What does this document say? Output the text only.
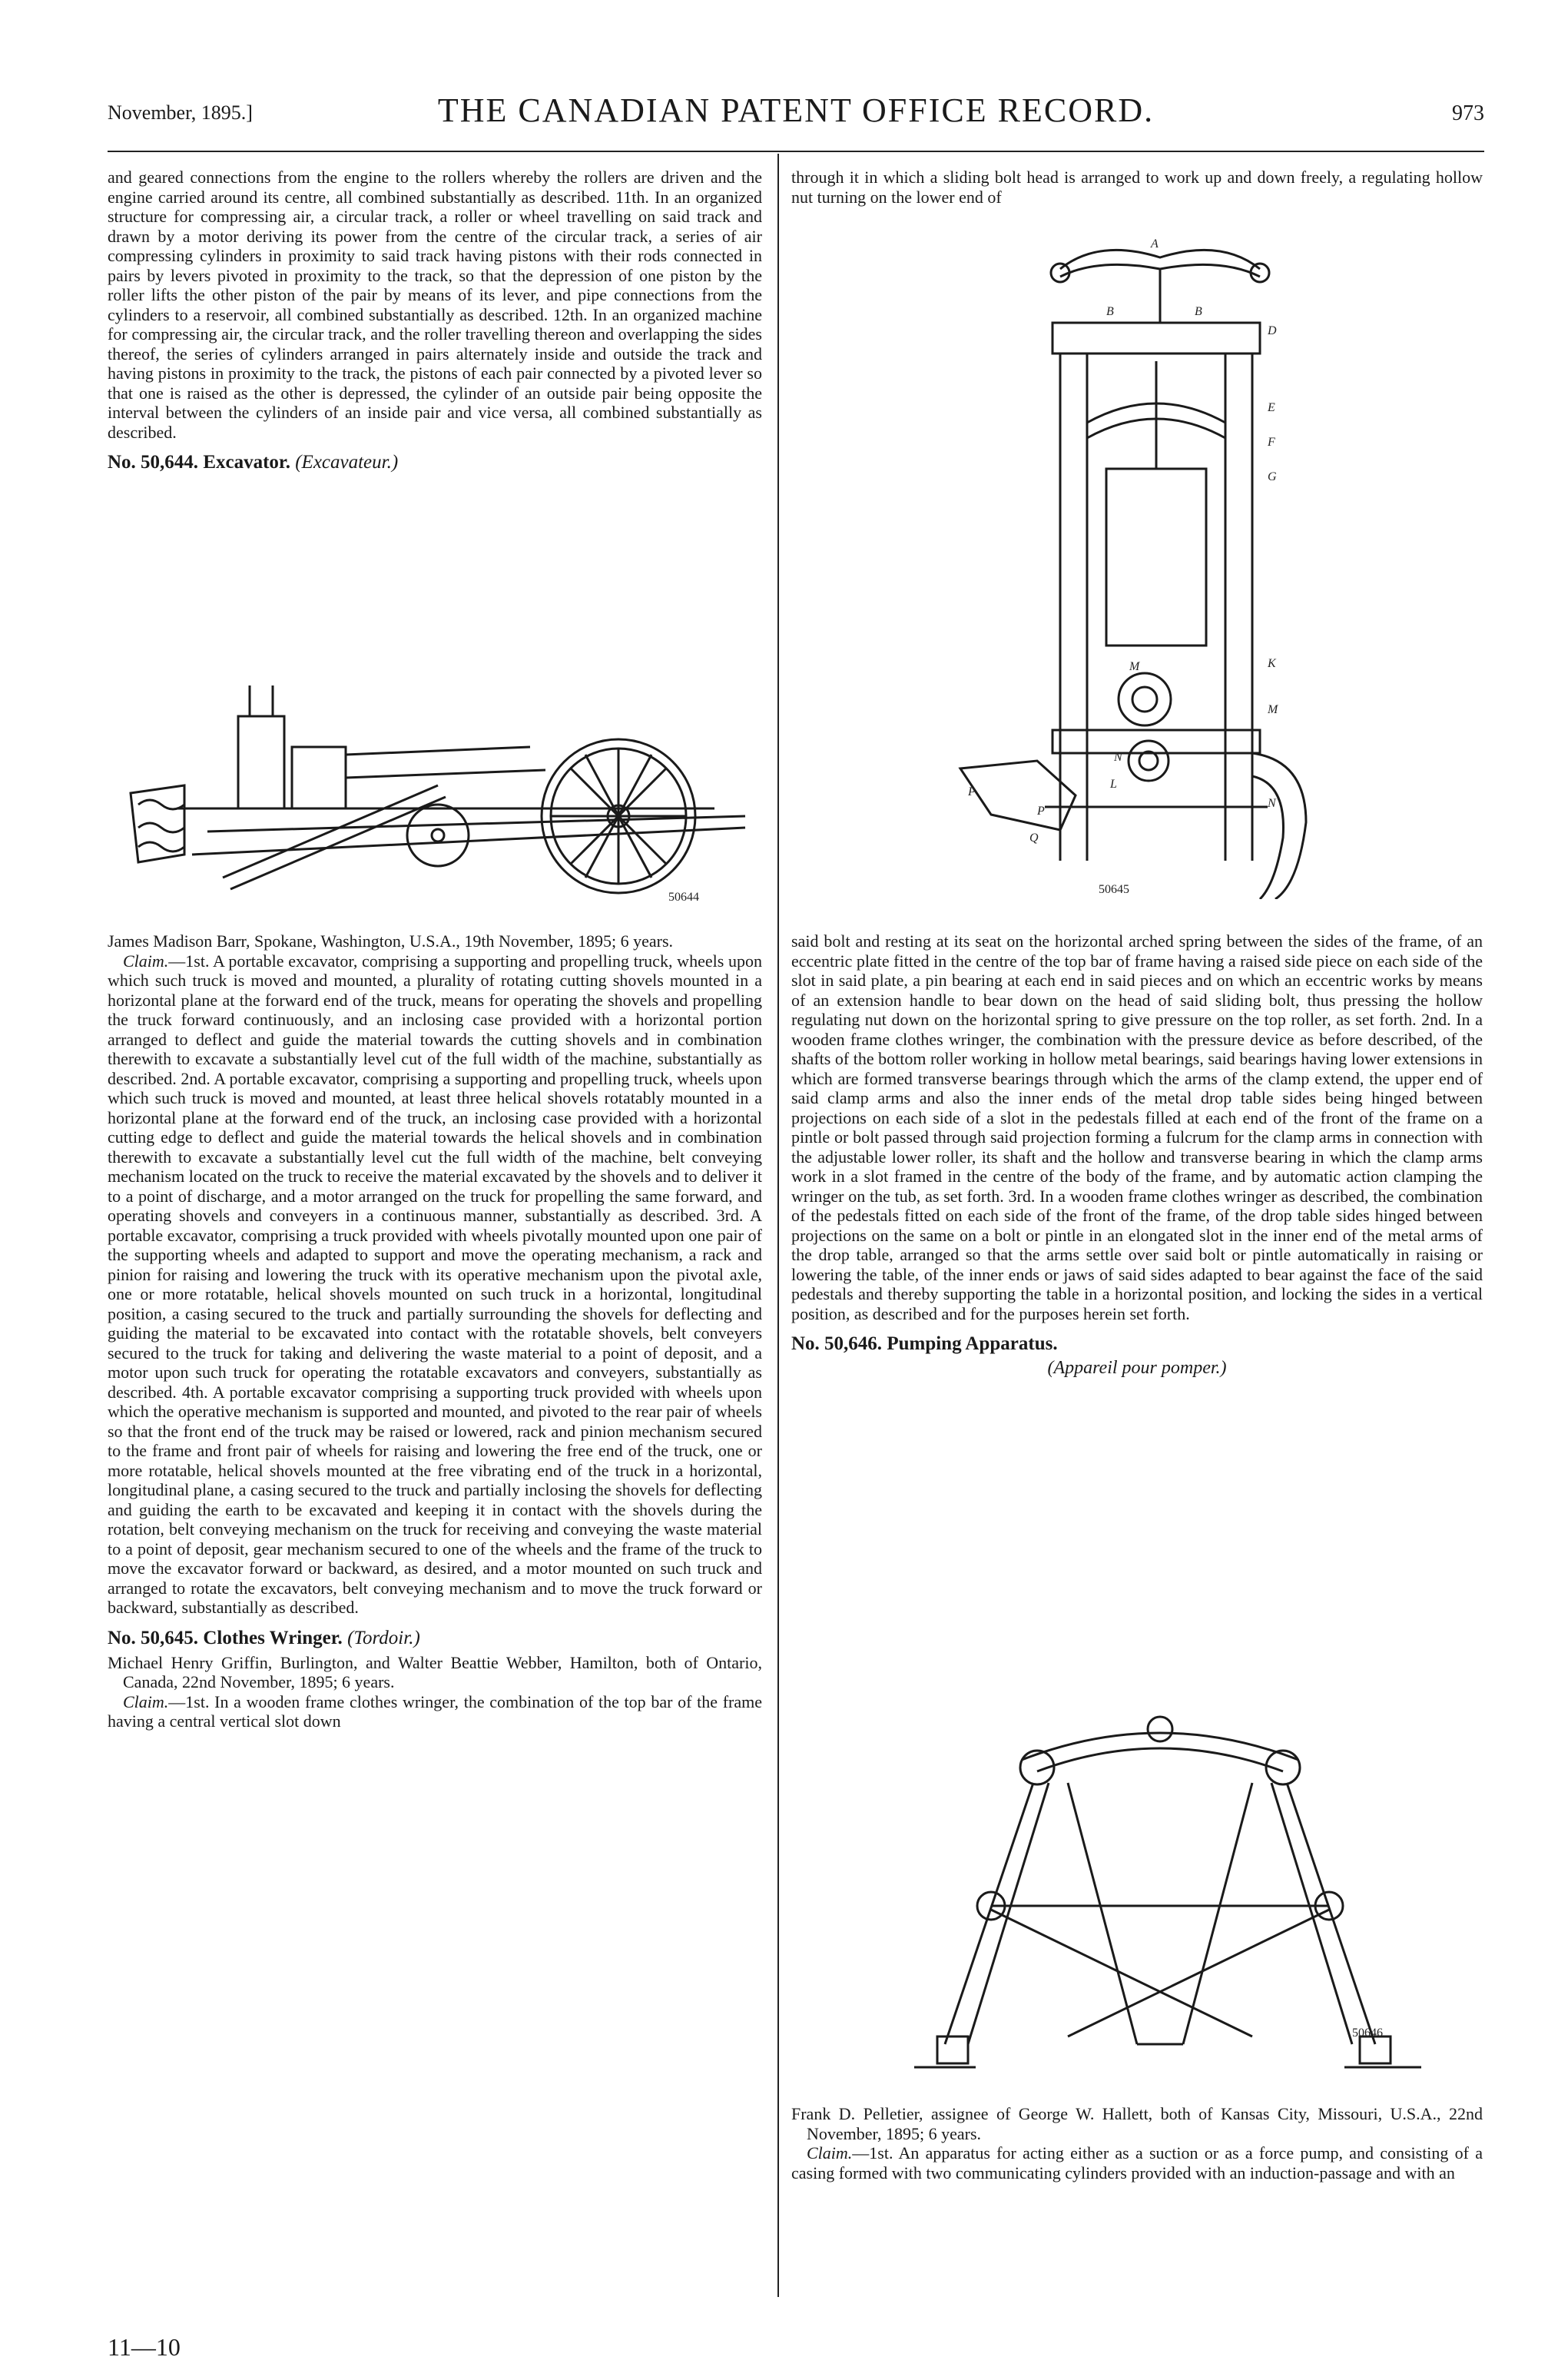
November, 1895.]	THE CANADIAN PATENT OFFICE RECORD.	973

and geared connections from the engine to the rollers whereby the rollers are driven and the engine carried around its centre, all combined substantially as described. 11th. In an organized structure for compressing air, a circular track, a roller or wheel travelling on said track and drawn by a motor deriving its power from the centre of the circular track, a series of air compressing cylinders in proximity to said track having pistons with their rods connected in pairs by levers pivoted in proximity to the track, so that the depression of one piston by the roller lifts the other piston of the pair by means of its lever, and pipe connections from the cylinders to a reservoir, all combined substantially as described. 12th. In an organized machine for compressing air, the circular track, and the roller travelling thereon and overlapping the sides thereof, the series of cylinders arranged in pairs alternately inside and outside the track and having pistons in proximity to the track, the pistons of each pair connected by a pivoted lever so that one is raised as the other is depressed, the cylinder of an outside pair being opposite the interval between the cylinders of an inside pair and vice versa, all combined substantially as described.

No. 50,644. Excavator. (Excavateur.)
50644

James Madison Barr, Spokane, Washington, U.S.A., 19th November, 1895; 6 years.

Claim.—1st. A portable excavator, comprising a supporting and propelling truck, wheels upon which such truck is moved and mounted, a plurality of rotating cutting shovels mounted in a horizontal plane at the forward end of the truck, means for operating the shovels and propelling the truck forward continuously, and an inclosing case provided with a horizontal portion arranged to deflect and guide the material towards the cutting shovels and in combination therewith to excavate a substantially level cut of the full width of the machine, substantially as described. 2nd. A portable excavator, comprising a supporting and propelling truck, wheels upon which such truck is moved and mounted, at least three helical shovels rotatably mounted in a horizontal plane at the forward end of the truck, an inclosing case provided with a horizontal cutting edge to deflect and guide the material towards the helical shovels and in combination therewith to excavate a substantially level cut the full width of the machine, belt conveying mechanism located on the truck to receive the material excavated by the shovels and to deliver it to a point of discharge, and a motor arranged on the truck for propelling the same forward, and operating shovels and conveyers in a continuous manner, substantially as described. 3rd. A portable excavator, comprising a truck provided with wheels pivotally mounted upon one pair of the supporting wheels and adapted to support and move the operating mechanism, a rack and pinion for raising and lowering the truck with its operative mechanism upon the pivotal axle, one or more rotatable, helical shovels mounted on such truck in a horizontal, longitudinal position, a casing secured to the truck and partially surrounding the shovels for deflecting and guiding the material to be excavated into contact with the rotatable shovels, belt conveyers secured to the truck for taking and delivering the waste material to a point of deposit, and a motor upon such truck for operating the rotatable excavators and conveyers, substantially as described. 4th. A portable excavator comprising a supporting truck provided with wheels upon which the operative mechanism is supported and mounted, and pivoted to the rear pair of wheels so that the front end of the truck may be raised or lowered, rack and pinion mechanism secured to the frame and front pair of wheels for raising and lowering the free end of the truck, one or more rotatable, helical shovels mounted at the free vibrating end of the truck in a horizontal, longitudinal plane, a casing secured to the truck and partially inclosing the shovels for deflecting and guiding the earth to be excavated and keeping it in contact with the shovels during the rotation, belt conveying mechanism on the truck for receiving and conveying the waste material to a point of deposit, gear mechanism secured to one of the wheels and the frame of the truck to move the excavator forward or backward, as desired, and a motor mounted on such truck and arranged to rotate the excavators, belt conveying mechanism and to move the truck forward or backward, substantially as described.

No. 50,645. Clothes Wringer. (Tordoir.)

Michael Henry Griffin, Burlington, and Walter Beattie Webber, Hamilton, both of Ontario, Canada, 22nd November, 1895; 6 years.

Claim.—1st. In a wooden frame clothes wringer, the combination of the top bar of the frame having a central vertical slot down

through it in which a sliding bolt head is arranged to work up and down freely, a regulating hollow nut turning on the lower end of

A
B	B
D
E
F
G
M	K
M
P
L
N
Q
P
N
50645

said bolt and resting at its seat on the horizontal arched spring between the sides of the frame, of an eccentric plate fitted in the centre of the top bar of frame having a raised side piece on each side of the slot in said plate, a pin bearing at each end in said pieces and on which an eccentric works by means of an extension handle to bear down on the head of said sliding bolt, thus pressing the hollow regulating nut down on the horizontal spring to give pressure on the top roller, as set forth. 2nd. In a wooden frame clothes wringer, the combination with the pressure device as before described, of the shafts of the bottom roller working in hollow metal bearings, said bearings having lower extensions in which are formed transverse bearings through which the arms of the clamp extend, the upper end of said clamp arms and also the inner ends of the metal drop table sides being hinged between projections on each side of a slot in the pedestals filled at each end of the front of the frame on a pintle or bolt passed through said projection forming a fulcrum for the clamp arms in connection with the adjustable lower roller, its shaft and the hollow and transverse bearing in which the clamp arms work in a slot framed in the centre of the body of the frame, and by automatic action clamping the wringer on the tub, as set forth. 3rd. In a wooden frame clothes wringer as described, the combination of the pedestals fitted on each side of the front of the frame, of the drop table sides hinged between projections on the same on a bolt or pintle in an elongated slot in the inner end of the metal arms of the drop table, arranged so that the arms settle over said bolt or pintle automatically in raising or lowering the table, of the inner ends or jaws of said sides adapted to bear against the face of the said pedestals and thereby supporting the table in a horizontal position, and locking the sides in a vertical position, as described and for the purposes herein set forth.

No. 50,646. Pumping Apparatus.
(Appareil pour pomper.)
50646

Frank D. Pelletier, assignee of George W. Hallett, both of Kansas City, Missouri, U.S.A., 22nd November, 1895; 6 years.

Claim.—1st. An apparatus for acting either as a suction or as a force pump, and consisting of a casing formed with two communicating cylinders provided with an induction-passage and with an

11—10
